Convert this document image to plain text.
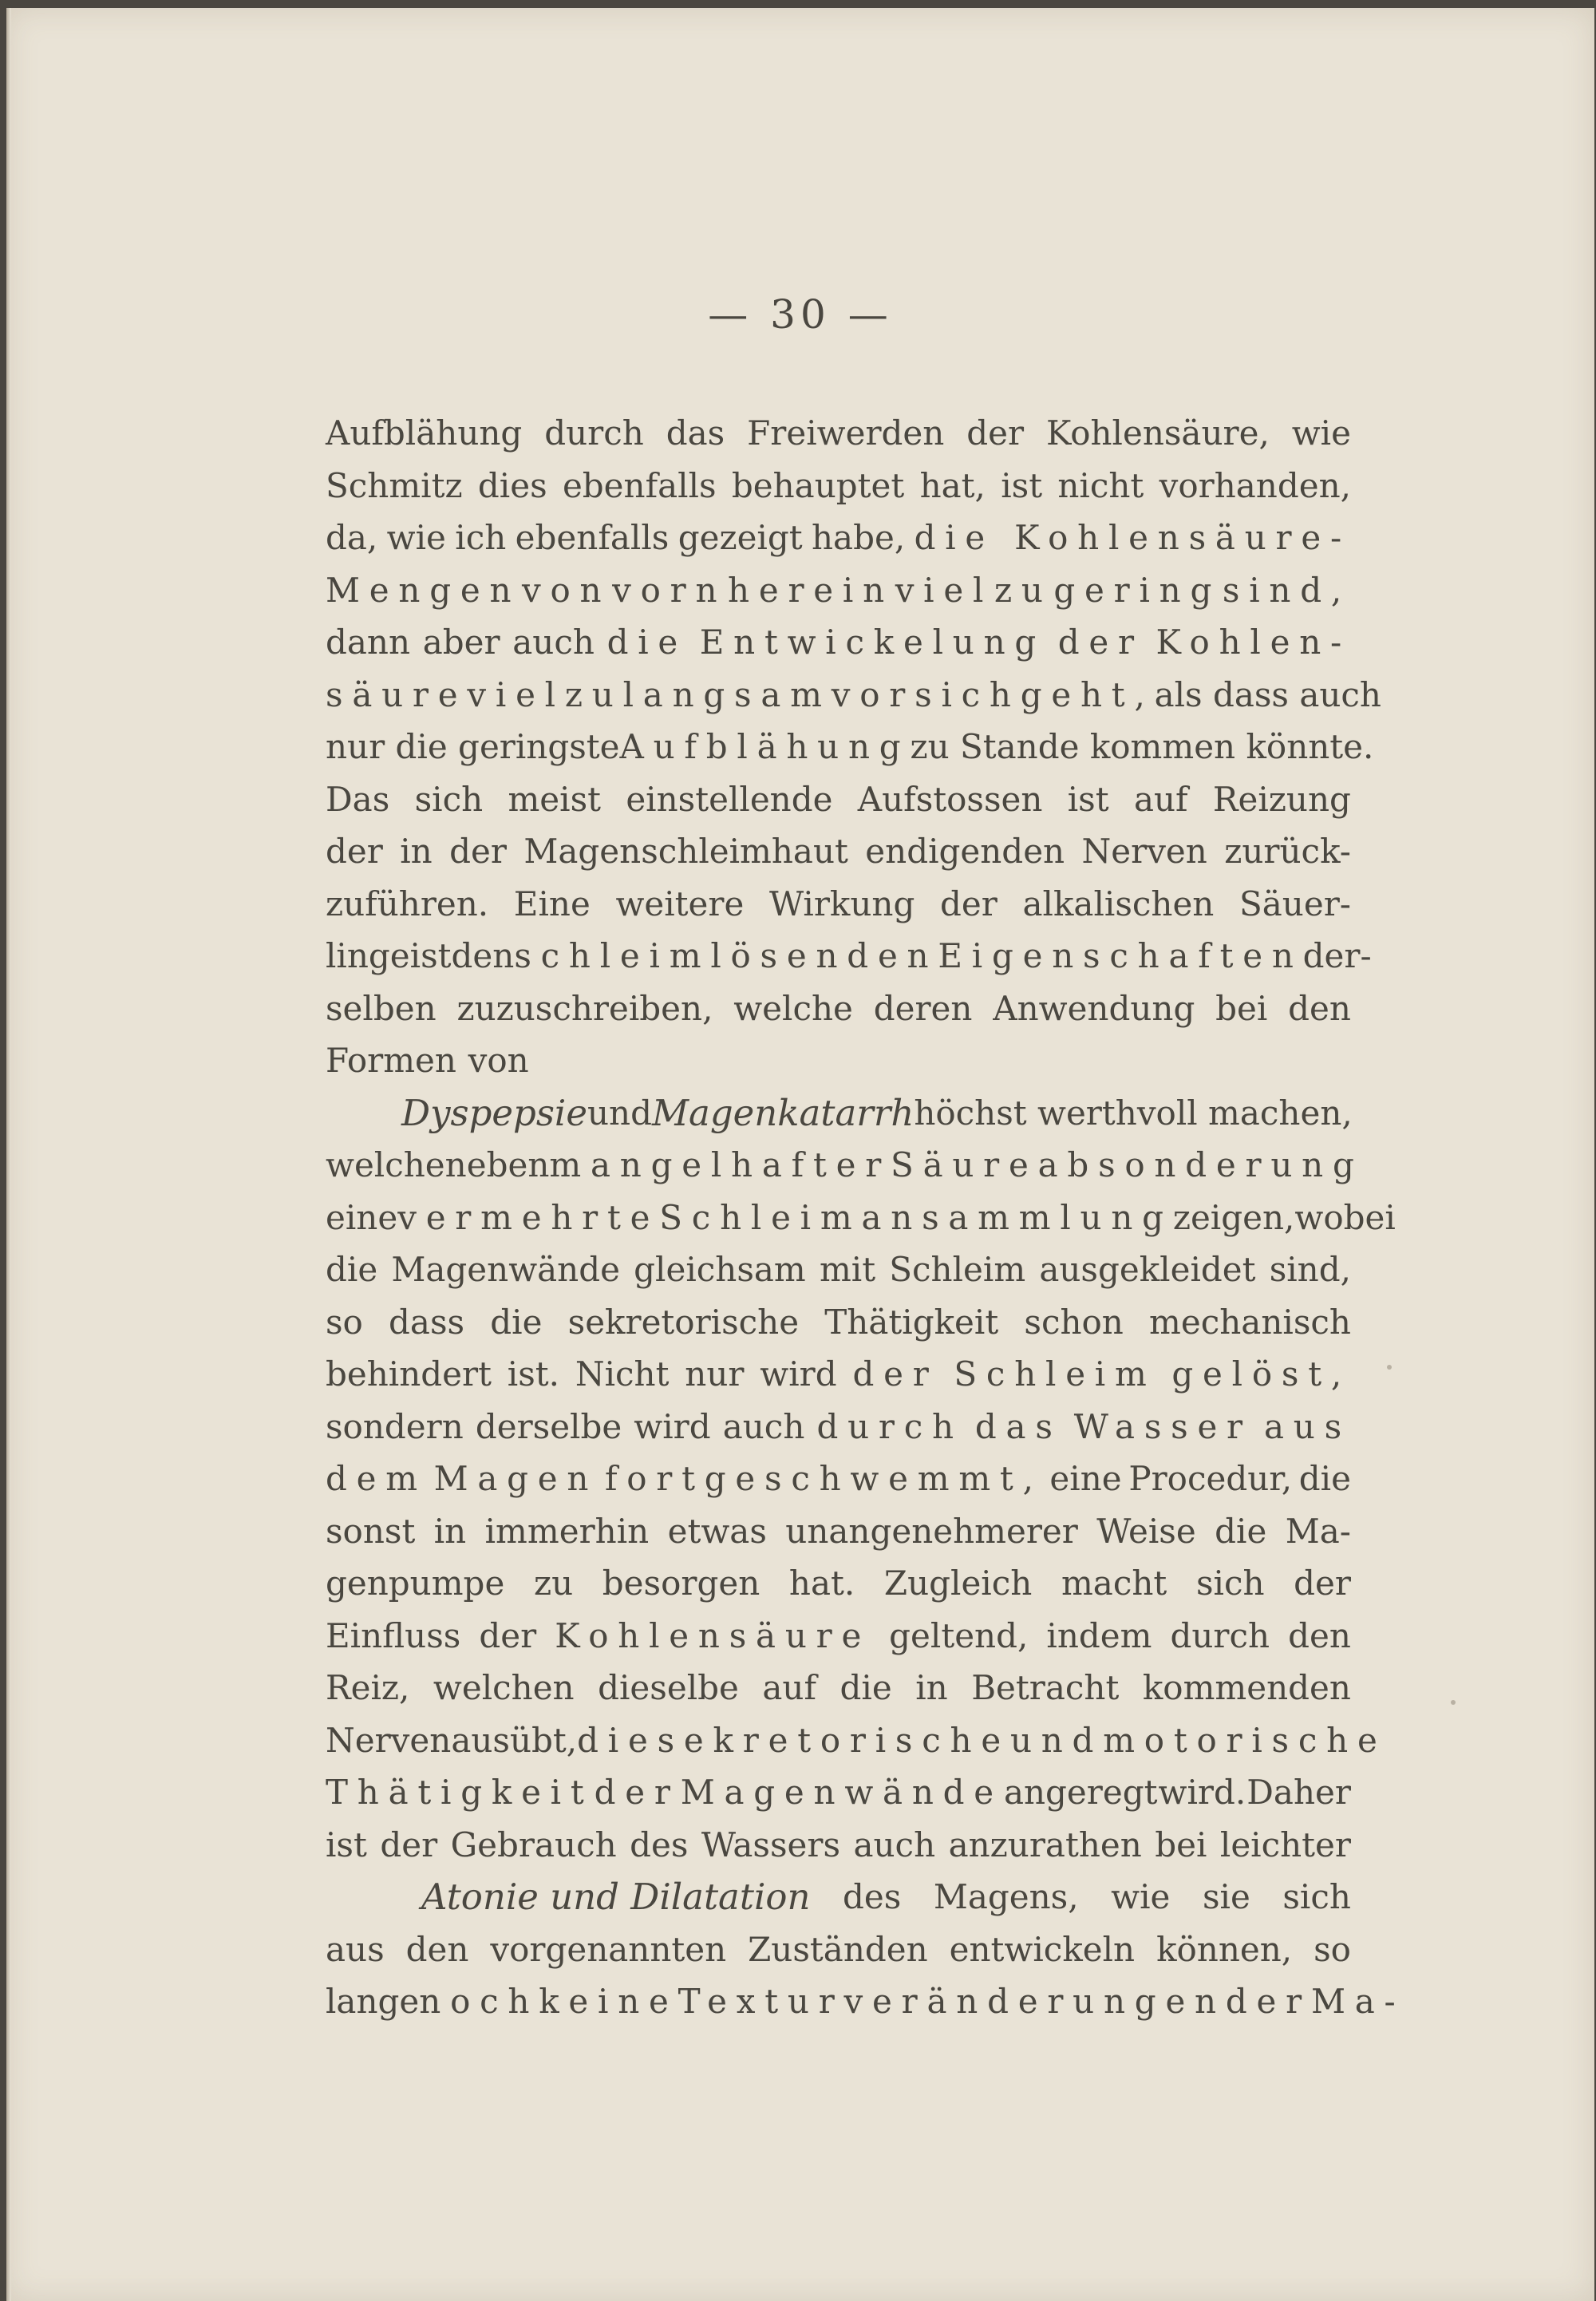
— 30 —
Aufblähung durch das Freiwerden der Kohlensäure, wie
Schmitz dies ebenfalls behauptet hat, ist nicht vorhanden,
da, wie ich ebenfalls gezeigt habe, die Kohlensäure-
Mengen von vorn herein viel zu gering sind,
dann aber auch die Entwickelung der Kohlen-
säure viel zu langsam vor sich geht, als dass auch
nur die geringste Aufblähung zu Stande kommen könnte.
Das sich meist einstellende Aufstossen ist auf Reizung
der in der Magenschleimhaut endigenden Nerven zurück-
zuführen. Eine weitere Wirkung der alkalischen Säuer-
linge ist den schleimlösenden Eigenschaften der-
selben zuzuschreiben, welche deren Anwendung bei den
Formen von
Dyspepsie und Magenkatarrh höchst werthvoll machen,
welche neben mangelhafter Säureabsonderung
eine vermehrte Schleimansammlung zeigen, wobei
die Magenwände gleichsam mit Schleim ausgekleidet sind,
so dass die sekretorische Thätigkeit schon mechanisch
behindert ist. Nicht nur wird der Schleim gelöst,
sondern derselbe wird auch durch das Wasser aus
dem Magen fortgeschwemmt, eine Procedur, die
sonst in immerhin etwas unangenehmerer Weise die Ma-
genpumpe zu besorgen hat. Zugleich macht sich der
Einfluss der Kohlensäure geltend, indem durch den
Reiz, welchen dieselbe auf die in Betracht kommenden
Nerven ausübt, die sekretorische und motorische
Thätigkeit der Magenwände angeregt wird. Daher
ist der Gebrauch des Wassers auch anzurathen bei leichter
Atonie und Dilatation des Magens, wie sie sich
aus den vorgenannten Zuständen entwickeln können, so
lange noch keine Texturveränderungen der Ma-
